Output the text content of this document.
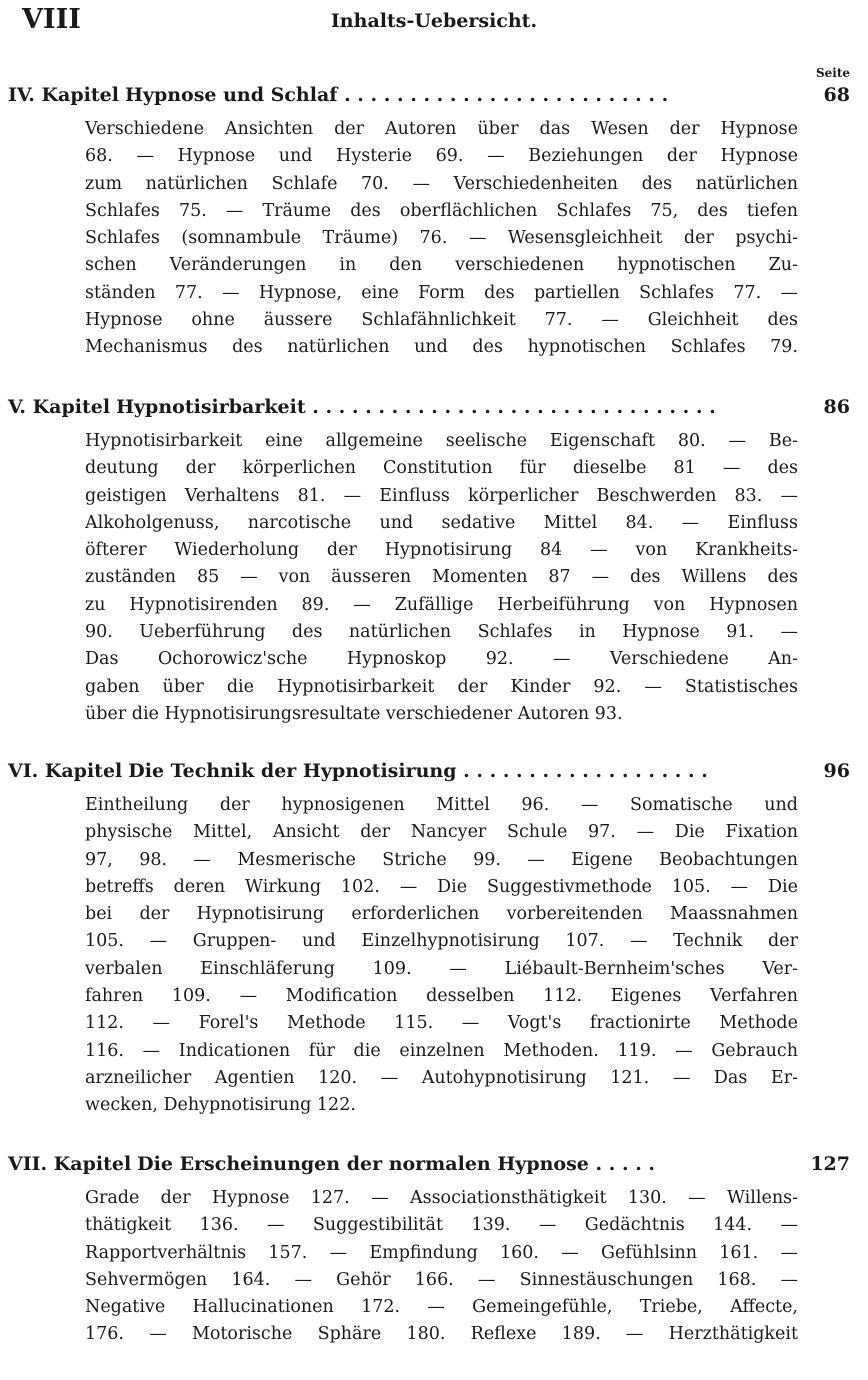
VIII	Inhalts-Uebersicht.
Seite
IV. Kapitel Hypnose und Schlaf . . . . . . . . . . . . . . . . . . . . . . . . .	68
Verschiedene Ansichten der Autoren über das Wesen der Hypnose
68. — Hypnose und Hysterie 69. — Beziehungen der Hypnose
zum natürlichen Schlafe 70. — Verschiedenheiten des natürlichen
Schlafes 75. — Träume des oberflächlichen Schlafes 75, des tiefen
Schlafes (somnambule Träume) 76. — Wesensgleichheit der psychi-
schen Veränderungen in den verschiedenen hypnotischen Zu-
ständen 77. — Hypnose, eine Form des partiellen Schlafes 77. —
Hypnose ohne äussere Schlafähnlichkeit 77. — Gleichheit des
Mechanismus des natürlichen und des hypnotischen Schlafes 79.
V. Kapitel Hypnotisirbarkeit . . . . . . . . . . . . . . . . . . . . . . . . . . . . . . .	86
Hypnotisirbarkeit eine allgemeine seelische Eigenschaft 80. — Be-
deutung der körperlichen Constitution für dieselbe 81 — des
geistigen Verhaltens 81. — Einfluss körperlicher Beschwerden 83. —
Alkoholgenuss, narcotische und sedative Mittel 84. — Einfluss
öfterer Wiederholung der Hypnotisirung 84 — von Krankheits-
zuständen 85 — von äusseren Momenten 87 — des Willens des
zu Hypnotisirenden 89. — Zufällige Herbeiführung von Hypnosen
90. Ueberführung des natürlichen Schlafes in Hypnose 91. —
Das Ochorowicz'sche Hypnoskop 92. — Verschiedene An-
gaben über die Hypnotisirbarkeit der Kinder 92. — Statistisches
über die Hypnotisirungsresultate verschiedener Autoren 93.
VI. Kapitel Die Technik der Hypnotisirung . . . . . . . . . . . . . . . . . . .	96
Eintheilung der hypnosigenen Mittel 96. — Somatische und
physische Mittel, Ansicht der Nancyer Schule 97. — Die Fixation
97, 98. — Mesmerische Striche 99. — Eigene Beobachtungen
betreffs deren Wirkung 102. — Die Suggestivmethode 105. — Die
bei der Hypnotisirung erforderlichen vorbereitenden Maassnahmen
105. — Gruppen- und Einzelhypnotisirung 107. — Technik der
verbalen Einschläferung 109. — Liébault-Bernheim'sches Ver-
fahren 109. — Modification desselben 112. Eigenes Verfahren
112. — Forel's Methode 115. — Vogt's fractionirte Methode
116. — Indicationen für die einzelnen Methoden. 119. — Gebrauch
arzneilicher Agentien 120. — Autohypnotisirung 121. — Das Er-
wecken, Dehypnotisirung 122.
VII. Kapitel Die Erscheinungen der normalen Hypnose . . . . .	127
Grade der Hypnose 127. — Associationsthätigkeit 130. — Willens-
thätigkeit 136. — Suggestibilität 139. — Gedächtnis 144. —
Rapportverhältnis 157. — Empfindung 160. — Gefühlsinn 161. —
Sehvermögen 164. — Gehör 166. — Sinnestäuschungen 168. —
Negative Hallucinationen 172. — Gemeingefühle, Triebe, Affecte,
176. — Motorische Sphäre 180. Reflexe 189. — Herzthätigkeit
